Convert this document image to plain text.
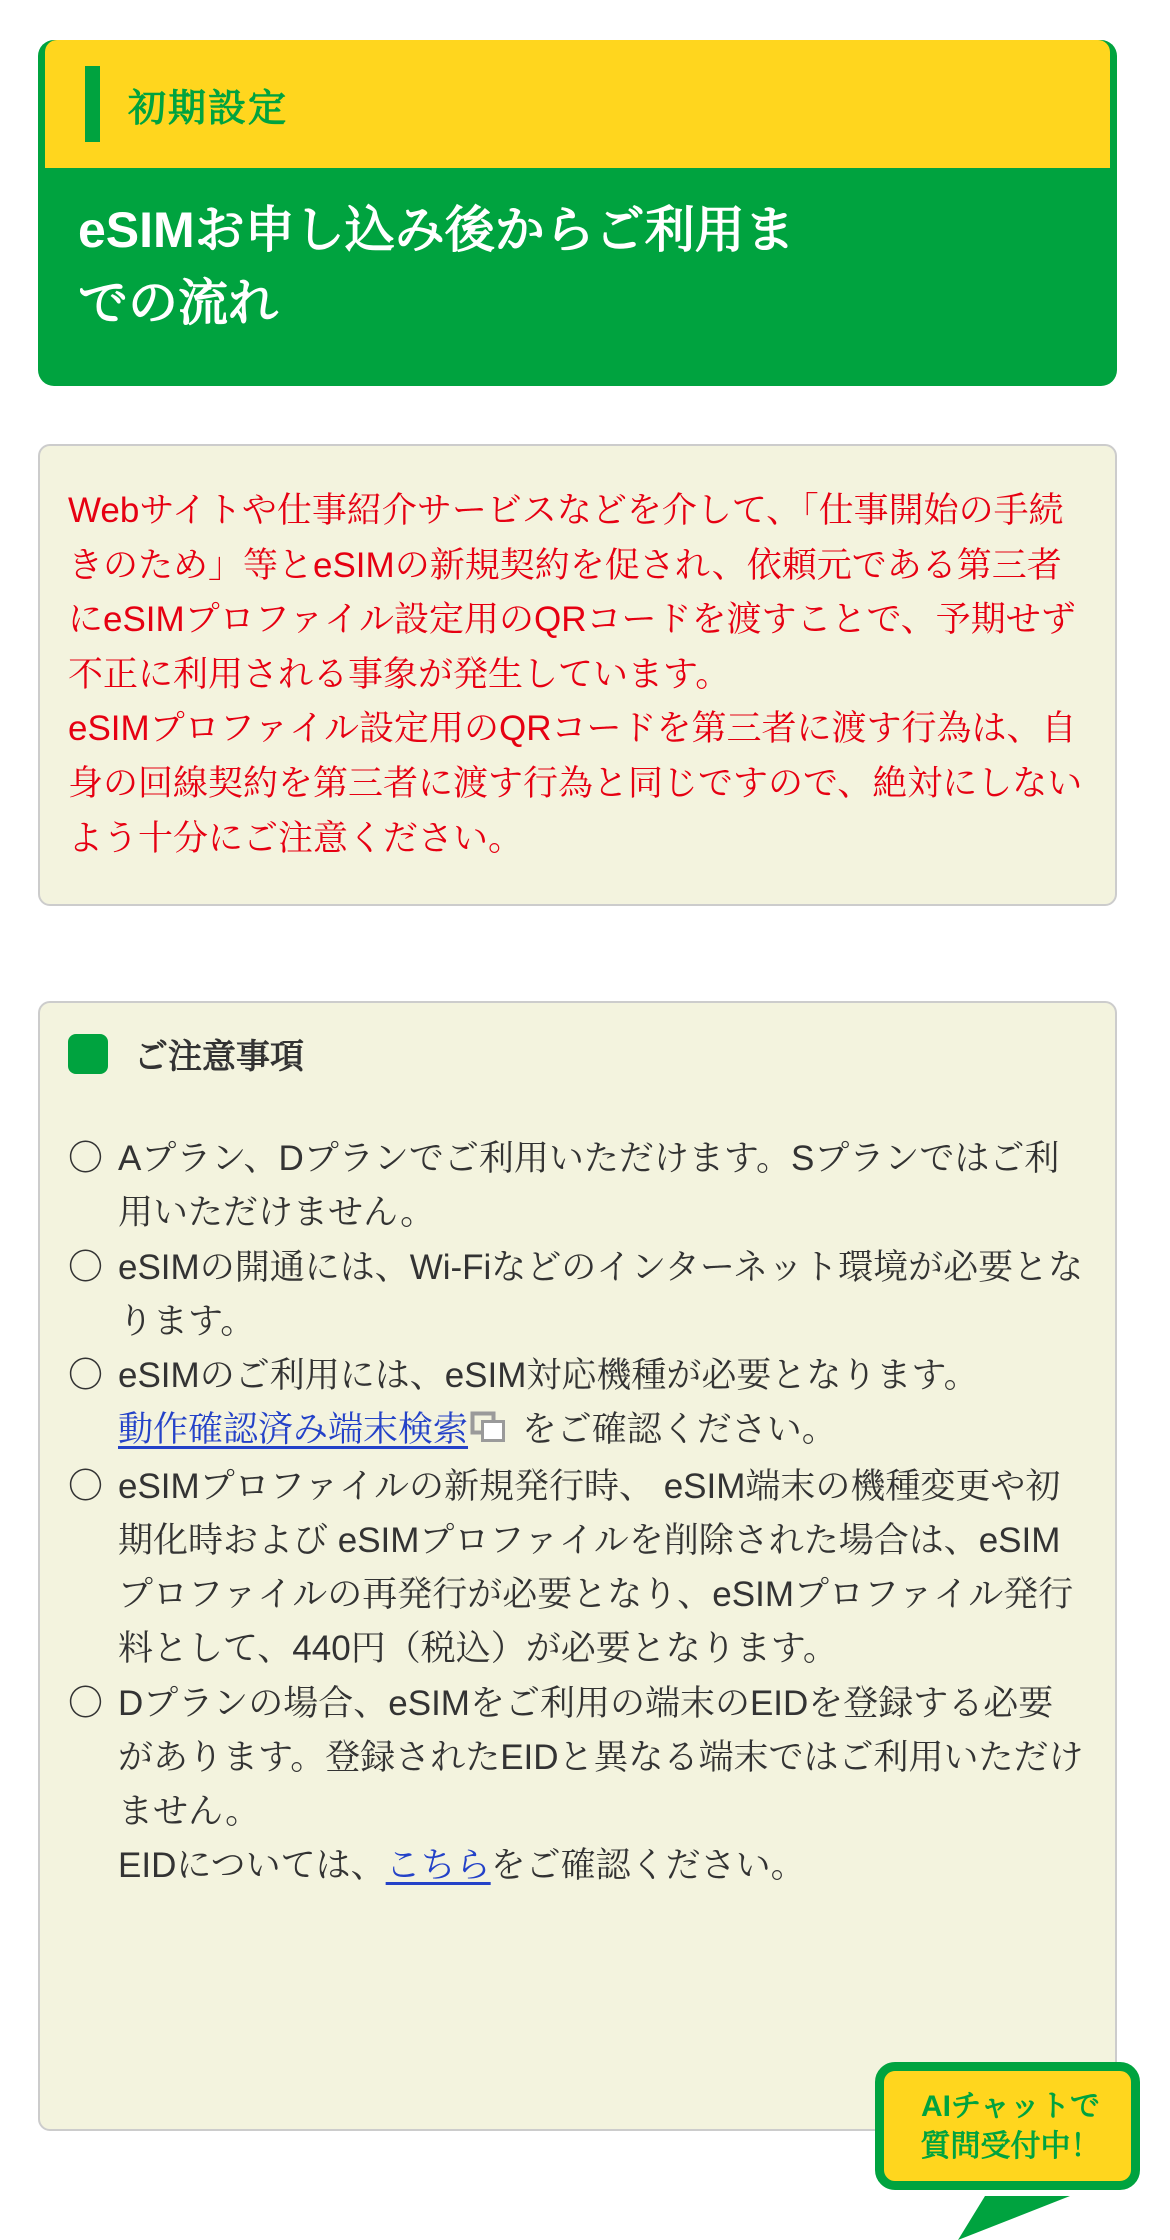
初期設定
eSIMお申し込み後からご利用までの流れ

Webサイトや仕事紹介サービスなどを介して、「仕事開始の手続きのため」等とeSIMの新規契約を促され、依頼元である第三者にeSIMプロファイル設定用のQRコードを渡すことで、予期せず不正に利用される事象が発生しています。

eSIMプロファイル設定用のQRコードを第三者に渡す行為は、自身の回線契約を第三者に渡す行為と同じですので、絶対にしないよう十分にご注意ください。

ご注意事項
〇 Aプラン、Dプランでご利用いただけます。Sプランではご利用いただけません。
〇 eSIMの開通には、Wi-Fiなどのインターネット環境が必要となります。
〇 eSIMのご利用には、eSIM対応機種が必要となります。
動作確認済み端末検索 をご確認ください。
〇 eSIMプロファイルの新規発行時、 eSIM端末の機種変更や初期化時および eSIMプロファイルを削除された場合は、eSIMプロファイルの再発行が必要となり、eSIMプロファイル発行料として、440円（税込）が必要となります。
〇 Dプランの場合、eSIMをご利用の端末のEIDを登録する必要があります。登録されたEIDと異なる端末ではご利用いただけません。
EIDについては、こちらをご確認ください。
AIチャットで
質問受付中！
